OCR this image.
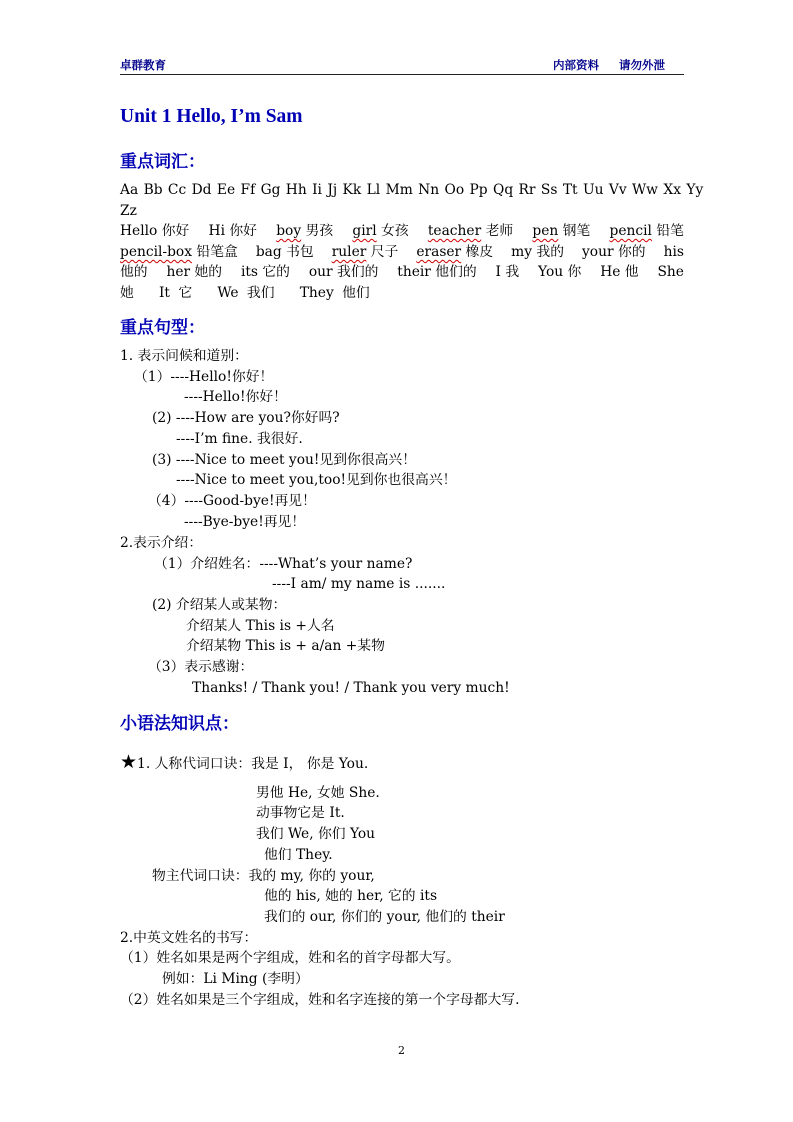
卓群教育	内部资料 请勿外泄
Unit 1 Hello, I’m Sam
重点词汇：
Aa Bb Cc Dd Ee Ff Gg Hh Ii Jj Kk Ll Mm Nn Oo Pp Qq Rr Ss Tt Uu Vv Ww Xx Yy
Zz
Hello 你好 Hi 你好 boy 男孩 girl 女孩 teacher 老师 pen 钢笔 pencil 铅笔
pencil-box 铅笔盒 bag 书包 ruler 尺子 eraser 橡皮 my 我的 your 你的 his
他的 her 她的 its 它的 our 我们的 their 他们的 I 我 You 你 He 他 She
她 It 它 We 我们 They 他们
重点句型：
1. 表示问候和道别：
（1）----Hello!你好！
----Hello!你好！
(2) ----How are you?你好吗?
----I’m fine. 我很好.
(3) ----Nice to meet you!见到你很高兴！
----Nice to meet you,too!见到你也很高兴！
（4）----Good-bye!再见！
----Bye-bye!再见！
2.表示介绍：
（1）介绍姓名：----What’s your name?
----I am/ my name is .......
(2) 介绍某人或某物：
介绍某人 This is +人名
介绍某物 This is + a/an +某物
（3）表示感谢：
Thanks! / Thank you! / Thank you very much!
小语法知识点：
★1. 人称代词口诀：我是 I， 你是 You.
男他 He, 女她 She.
动事物它是 It.
我们 We, 你们 You
他们 They.
物主代词口诀：我的 my, 你的 your,
他的 his, 她的 her, 它的 its
我们的 our, 你们的 your, 他们的 their
2.中英文姓名的书写：
（1）姓名如果是两个字组成，姓和名的首字母都大写。
例如：Li Ming (李明）
（2）姓名如果是三个字组成，姓和名字连接的第一个字母都大写.
2
